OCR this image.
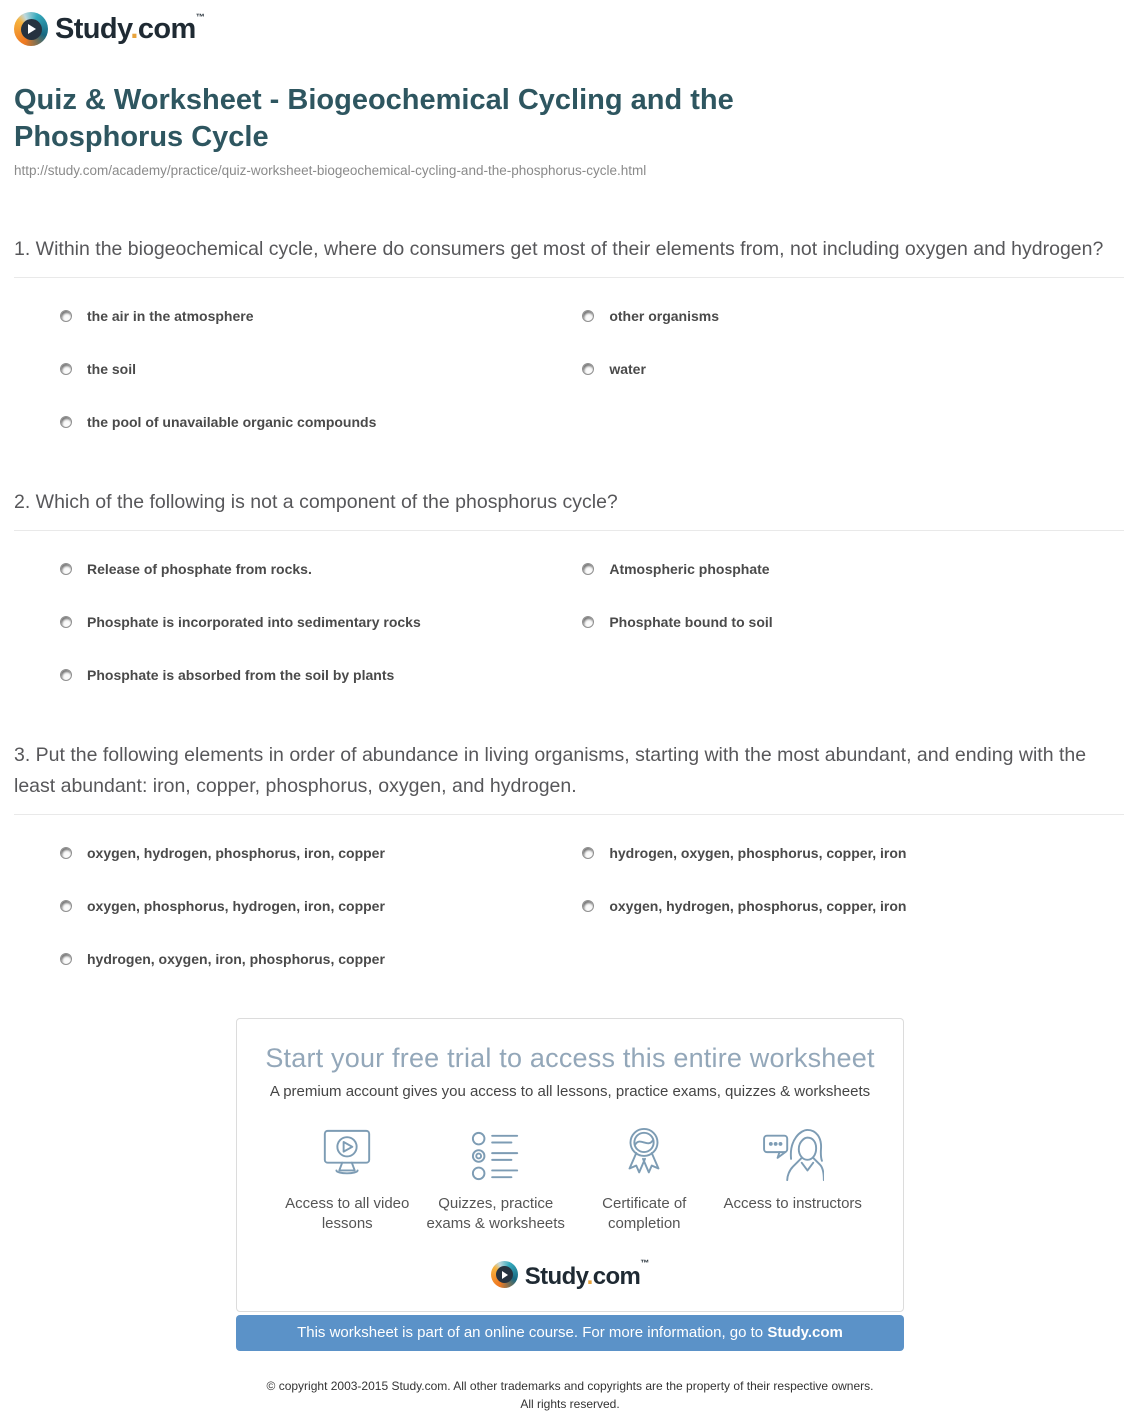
Study.com™
Quiz & Worksheet - Biogeochemical Cycling and the Phosphorus Cycle
http://study.com/academy/practice/quiz-worksheet-biogeochemical-cycling-and-the-phosphorus-cycle.html
1. Within the biogeochemical cycle, where do consumers get most of their elements from, not including oxygen and hydrogen?
the air in the atmosphere	other organisms
the soil	water
the pool of unavailable organic compounds
2. Which of the following is not a component of the phosphorus cycle?
Release of phosphate from rocks.	Atmospheric phosphate
Phosphate is incorporated into sedimentary rocks	Phosphate bound to soil
Phosphate is absorbed from the soil by plants
3. Put the following elements in order of abundance in living organisms, starting with the most abundant, and ending with the least abundant: iron, copper, phosphorus, oxygen, and hydrogen.
oxygen, hydrogen, phosphorus, iron, copper	hydrogen, oxygen, phosphorus, copper, iron
oxygen, phosphorus, hydrogen, iron, copper	oxygen, hydrogen, phosphorus, copper, iron
hydrogen, oxygen, iron, phosphorus, copper
Start your free trial to access this entire worksheet
A premium account gives you access to all lessons, practice exams, quizzes & worksheets
Access to all video lessons
Quizzes, practice exams & worksheets
Certificate of completion
Access to instructors
Study.com™
This worksheet is part of an online course. For more information, go to Study.com
© copyright 2003-2015 Study.com. All other trademarks and copyrights are the property of their respective owners.
All rights reserved.
